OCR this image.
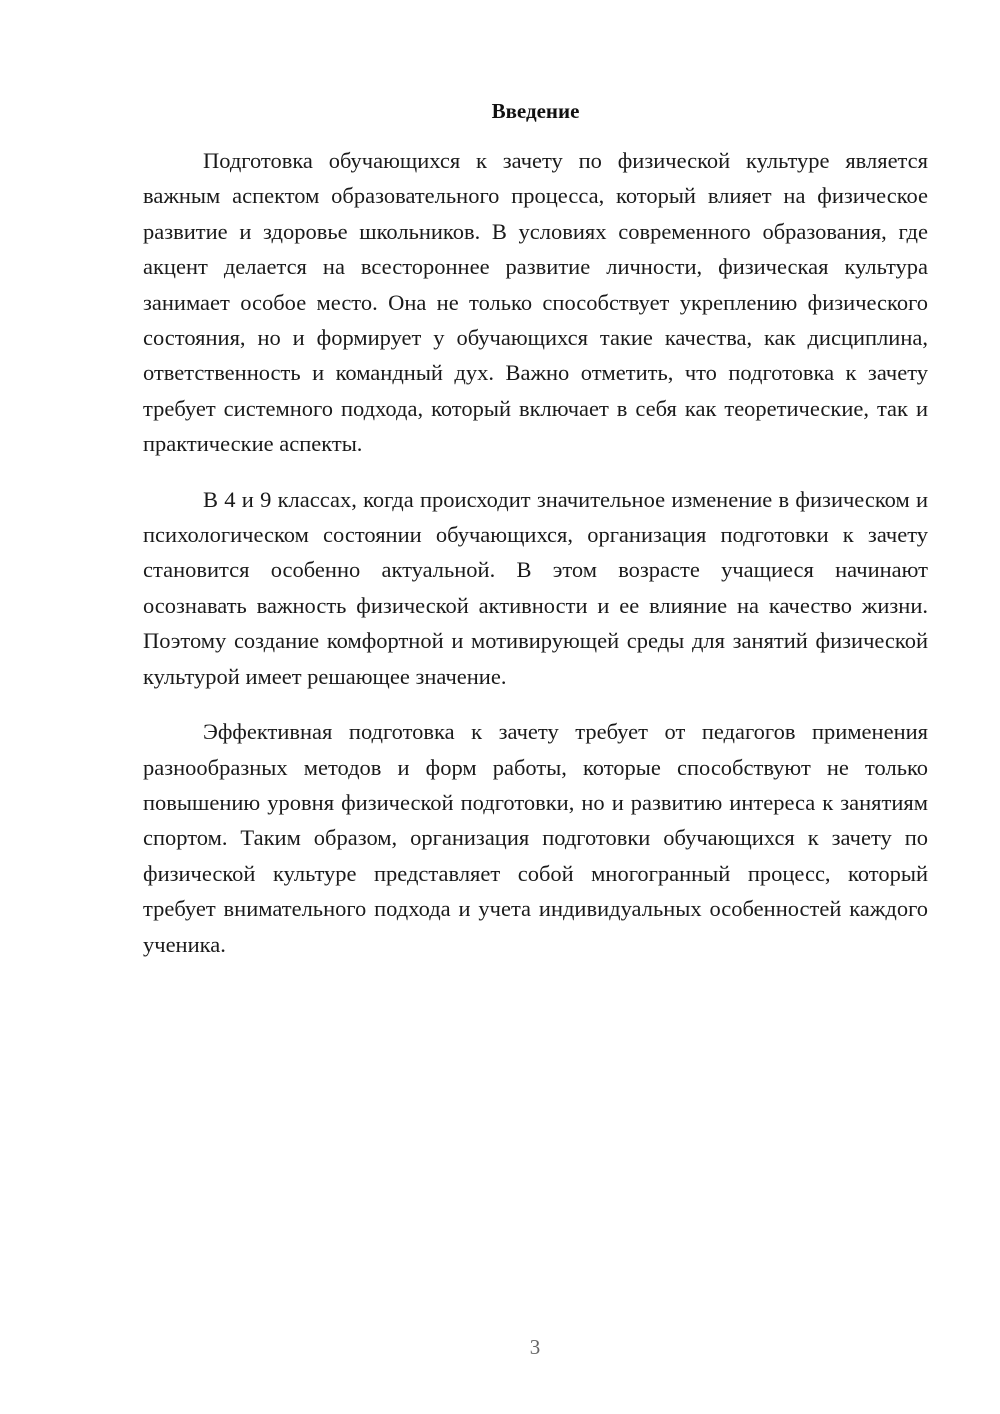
Введение

Подготовка обучающихся к зачету по физической культуре является важным аспектом образовательного процесса, который влияет на физическое развитие и здоровье школьников. В условиях современного образования, где акцент делается на всестороннее развитие личности, физическая культура занимает особое место. Она не только способствует укреплению физического состояния, но и формирует у обучающихся такие качества, как дисциплина, ответственность и командный дух. Важно отметить, что подготовка к зачету требует системного подхода, который включает в себя как теоретические, так и практические аспекты.

В 4 и 9 классах, когда происходит значительное изменение в физическом и психологическом состоянии обучающихся, организация подготовки к зачету становится особенно актуальной. В этом возрасте учащиеся начинают осознавать важность физической активности и ее влияние на качество жизни. Поэтому создание комфортной и мотивирующей среды для занятий физической культурой имеет решающее значение.

Эффективная подготовка к зачету требует от педагогов применения разнообразных методов и форм работы, которые способствуют не только повышению уровня физической подготовки, но и развитию интереса к занятиям спортом. Таким образом, организация подготовки обучающихся к зачету по физической культуре представляет собой многогранный процесс, который требует внимательного подхода и учета индивидуальных особенностей каждого ученика.

3
